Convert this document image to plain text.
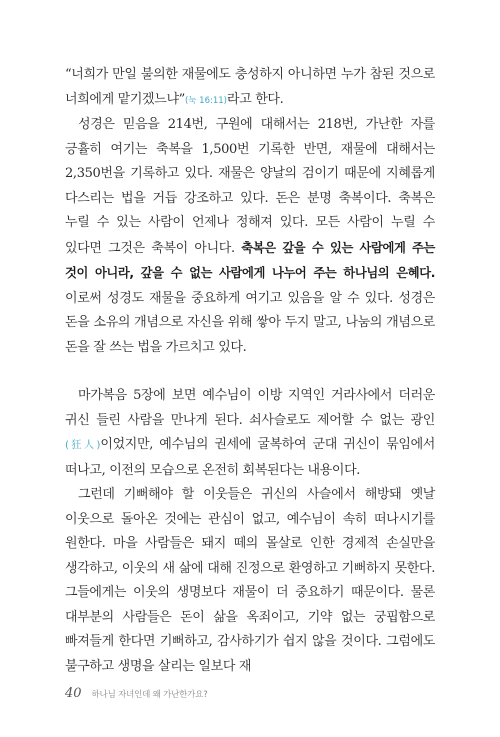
“너희가 만일 불의한 재물에도 충성하지 아니하면 누가 참된 것으로 너희에게 맡기겠느냐”(눅 16:11)라고 한다.

성경은 믿음을 214번, 구원에 대해서는 218번, 가난한 자를 긍휼히 여기는 축복을 1,500번 기록한 반면, 재물에 대해서는 2,350번을 기록하고 있다. 재물은 양날의 검이기 때문에 지혜롭게 다스리는 법을 거듭 강조하고 있다. 돈은 분명 축복이다. 축복은 누릴 수 있는 사람이 언제나 정해져 있다. 모든 사람이 누릴 수 있다면 그것은 축복이 아니다. 축복은 갚을 수 있는 사람에게 주는 것이 아니라, 갚을 수 없는 사람에게 나누어 주는 하나님의 은혜다. 이로써 성경도 재물을 중요하게 여기고 있음을 알 수 있다. 성경은 돈을 소유의 개념으로 자신을 위해 쌓아 두지 말고, 나눔의 개념으로 돈을 잘 쓰는 법을 가르치고 있다.

마가복음 5장에 보면 예수님이 이방 지역인 거라사에서 더러운 귀신 들린 사람을 만나게 된다. 쇠사슬로도 제어할 수 없는 광인(狂人)이었지만, 예수님의 권세에 굴복하여 군대 귀신이 묶임에서 떠나고, 이전의 모습으로 온전히 회복된다는 내용이다.

그런데 기뻐해야 할 이웃들은 귀신의 사슬에서 해방돼 옛날 이웃으로 돌아온 것에는 관심이 없고, 예수님이 속히 떠나시기를 원한다. 마을 사람들은 돼지 떼의 몰살로 인한 경제적 손실만을 생각하고, 이웃의 새 삶에 대해 진정으로 환영하고 기뻐하지 못한다. 그들에게는 이웃의 생명보다 재물이 더 중요하기 때문이다. 물론 대부분의 사람들은 돈이 삶을 옥죄이고, 기약 없는 궁핍함으로 빠져들게 한다면 기뻐하고, 감사하기가 쉽지 않을 것이다. 그럼에도 불구하고 생명을 살리는 일보다 재

40 하나님 자녀인데 왜 가난한가요?
